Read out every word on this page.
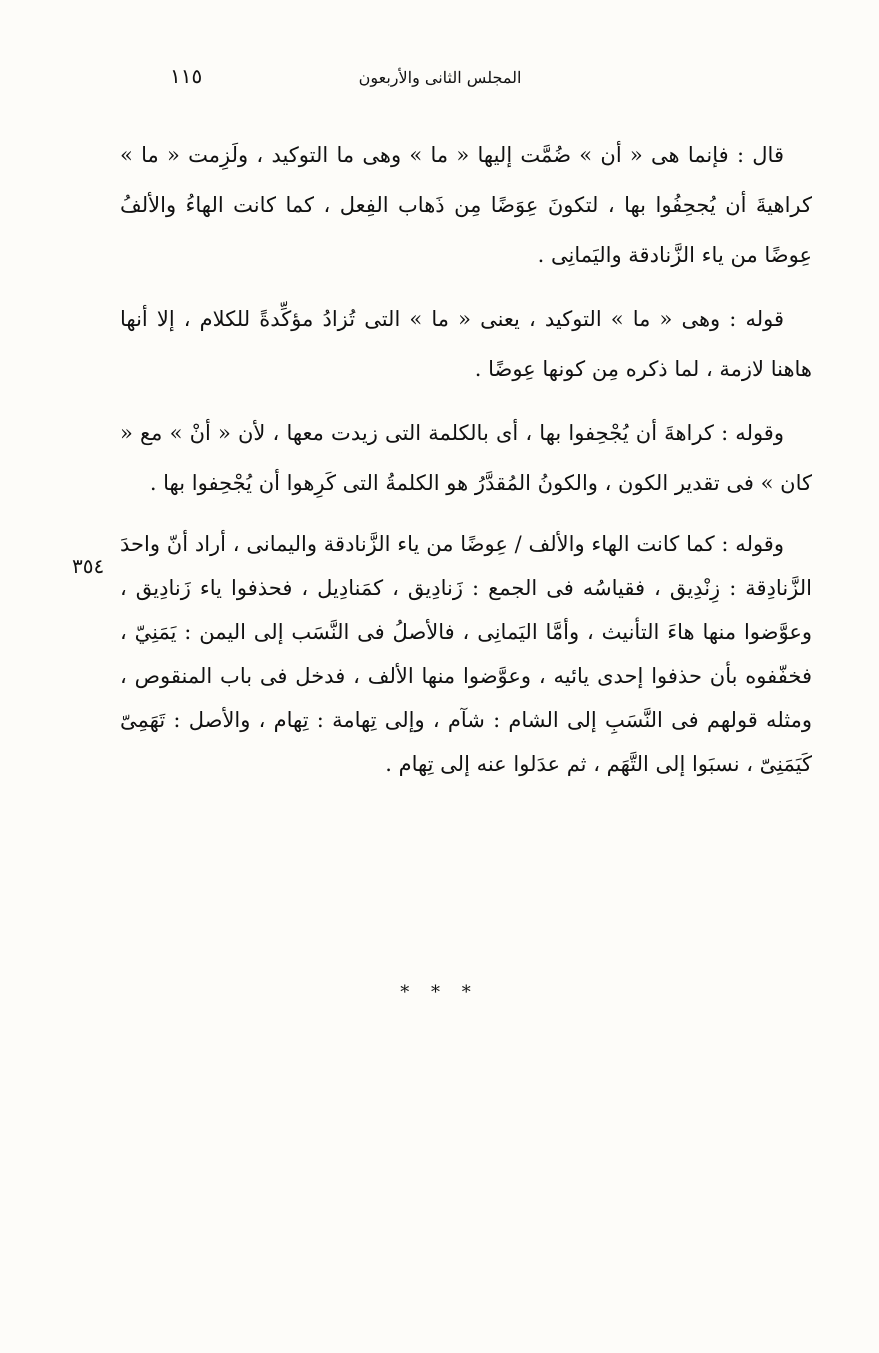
المجلس الثانى والأربعون
١١٥

قال : فإنما هى « أن » ضُمَّت إليها « ما » وهى ما التوكيد ، ولَزِمت « ما » كراهيةَ أن يُجحِفُوا بها ، لتكونَ عِوَضًا مِن ذَهاب الفِعل ، كما كانت الهاءُ والألفُ عِوضًا من ياء الزَّنادقة واليَمانِى .

قوله : وهى « ما » التوكيد ، يعنى « ما » التى تُزادُ مؤكِّدةً للكلام ، إلا أنها هاهنا لازمة ، لما ذكره مِن كونها عِوضًا .

وقوله : كراهةَ أن يُجْحِفوا بها ، أى بالكلمة التى زيدت معها ، لأن « أنْ » مع « كان » فى تقدير الكون ، والكونُ المُقدَّرُ هو الكلمةُ التى كَرِهوا أن يُجْحِفوا بها .

وقوله : كما كانت الهاء والألف / عِوضًا من ياء الزَّنادقة واليمانى ، أراد أنّ واحدَ الزَّنادِقة : زِنْدِيق ، فقياسُه فى الجمع : زَنادِيق ، كمَنادِيل ، فحذفوا ياء زَنادِيق ، وعوَّضوا منها هاءَ التأنيث ، وأمَّا اليَمانِى ، فالأصلُ فى النَّسَب إلى اليمن : يَمَنِيّ ، فخفّفوه بأن حذفوا إحدى يائيه ، وعوَّضوا منها الألف ، فدخل فى باب المنقوص ، ومثله قولهم فى النَّسَبِ إلى الشام : شآم ، وإلى تِهامة : تِهام ، والأصل : تَهَمِىّ كَيَمَنِىّ ، نسبَوا إلى التَّهَم ، ثم عدَلوا عنه إلى تِهام .

٣٥٤
* * *
